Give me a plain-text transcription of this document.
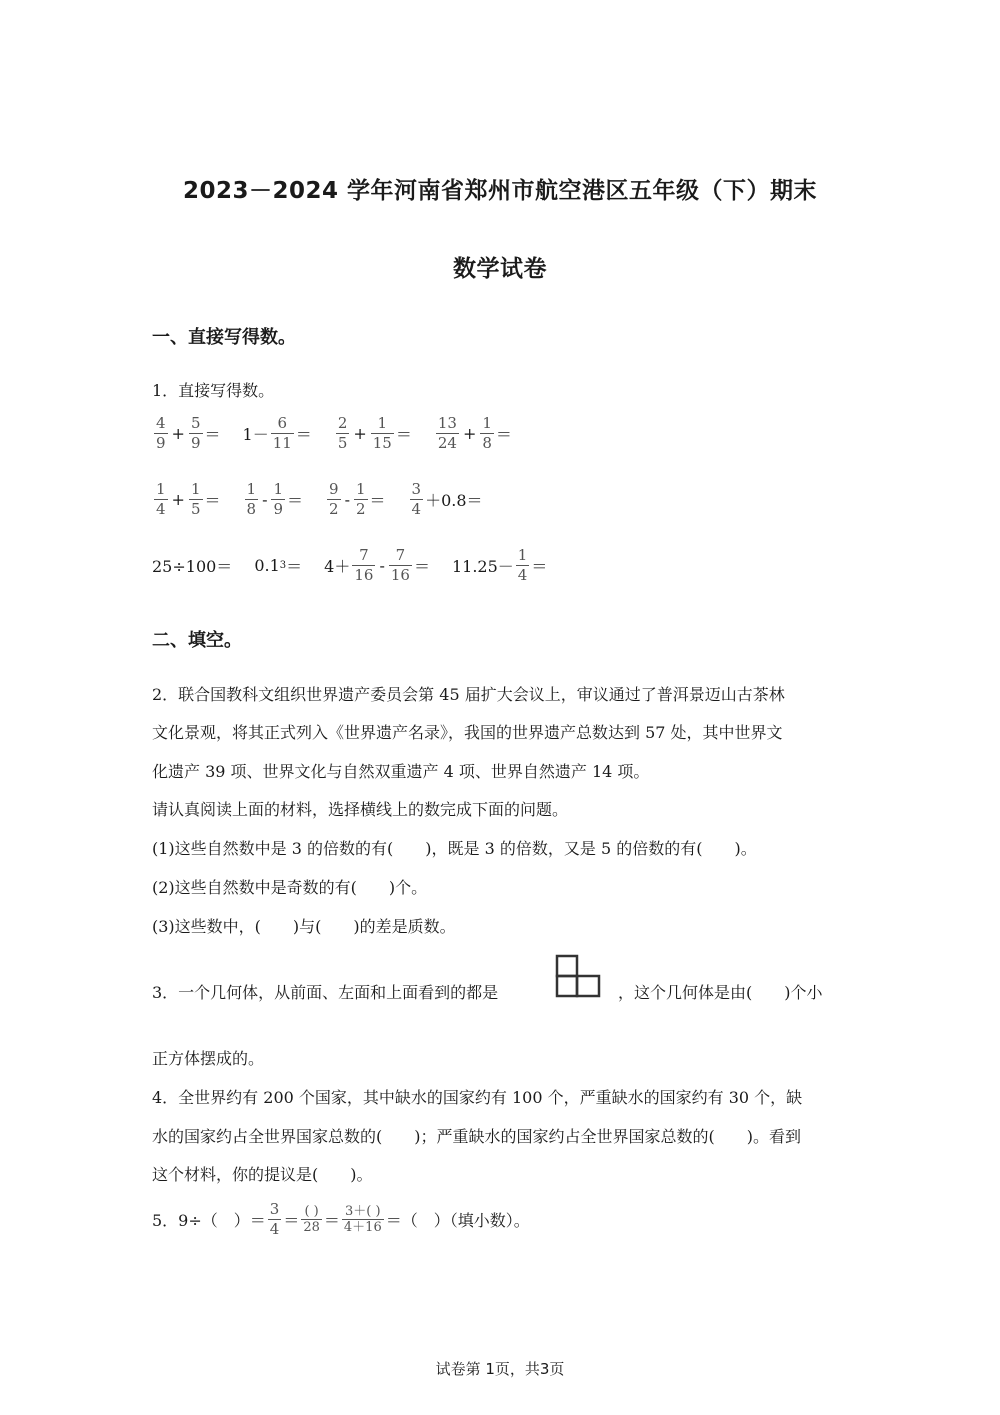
2023－2024 学年河南省郑州市航空港区五年级（下）期末
数学试卷
一、直接写得数。
1．直接写得数。
$\frac{4}{9} + \frac{5}{9} = 1- \frac{6}{11} = \frac{2}{5} + \frac{1}{15} = \frac{13}{24} + \frac{1}{8}$ ＝
$\frac{1}{4} + \frac{1}{5} = \frac{1}{8} - \frac{1}{9} = \frac{9}{2} - \frac{1}{2} = \frac{3}{4} +0.8=$
25÷100＝ 0.1 $3 = 4+ \frac{7}{16} - \frac{7}{16} = 11.25- \frac{1}{4}$ ＝
二、填空。
2．联合国教科文组织世界遗产委员会第 45 届扩大会议上，审议通过了普洱景迈山古茶林
文化景观，将其正式列入《世界遗产名录》，我国的世界遗产总数达到 57 处，其中世界文
化遗产 39 项、世界文化与自然双重遗产 4 项、世界自然遗产 14 项。
请认真阅读上面的材料，选择横线上的数完成下面的问题。
(1)这些自然数中是 3 的倍数的有(　　)，既是 3 的倍数，又是 5 的倍数的有(　　)。
(2)这些自然数中是奇数的有(　　)个。
(3)这些数中，(　　)与(　　)的差是质数。
3．一个几何体，从前面、左面和上面看到的都是	，这个几何体是由(　　)个小
正方体摆成的。
4．全世界约有 200 个国家，其中缺水的国家约有 100 个，严重缺水的国家约有 30 个，缺
水的国家约占全世界国家总数的(　　)；严重缺水的国家约占全世界国家总数的(　　)。看到
这个材料，你的提议是(　　)。
5．9÷（　）＝ $\frac{3}{4} = \frac{( )}{28} = \frac{3+( )}{4+16}$ ＝（　）（填小数）。
试卷第 1页，共3页
